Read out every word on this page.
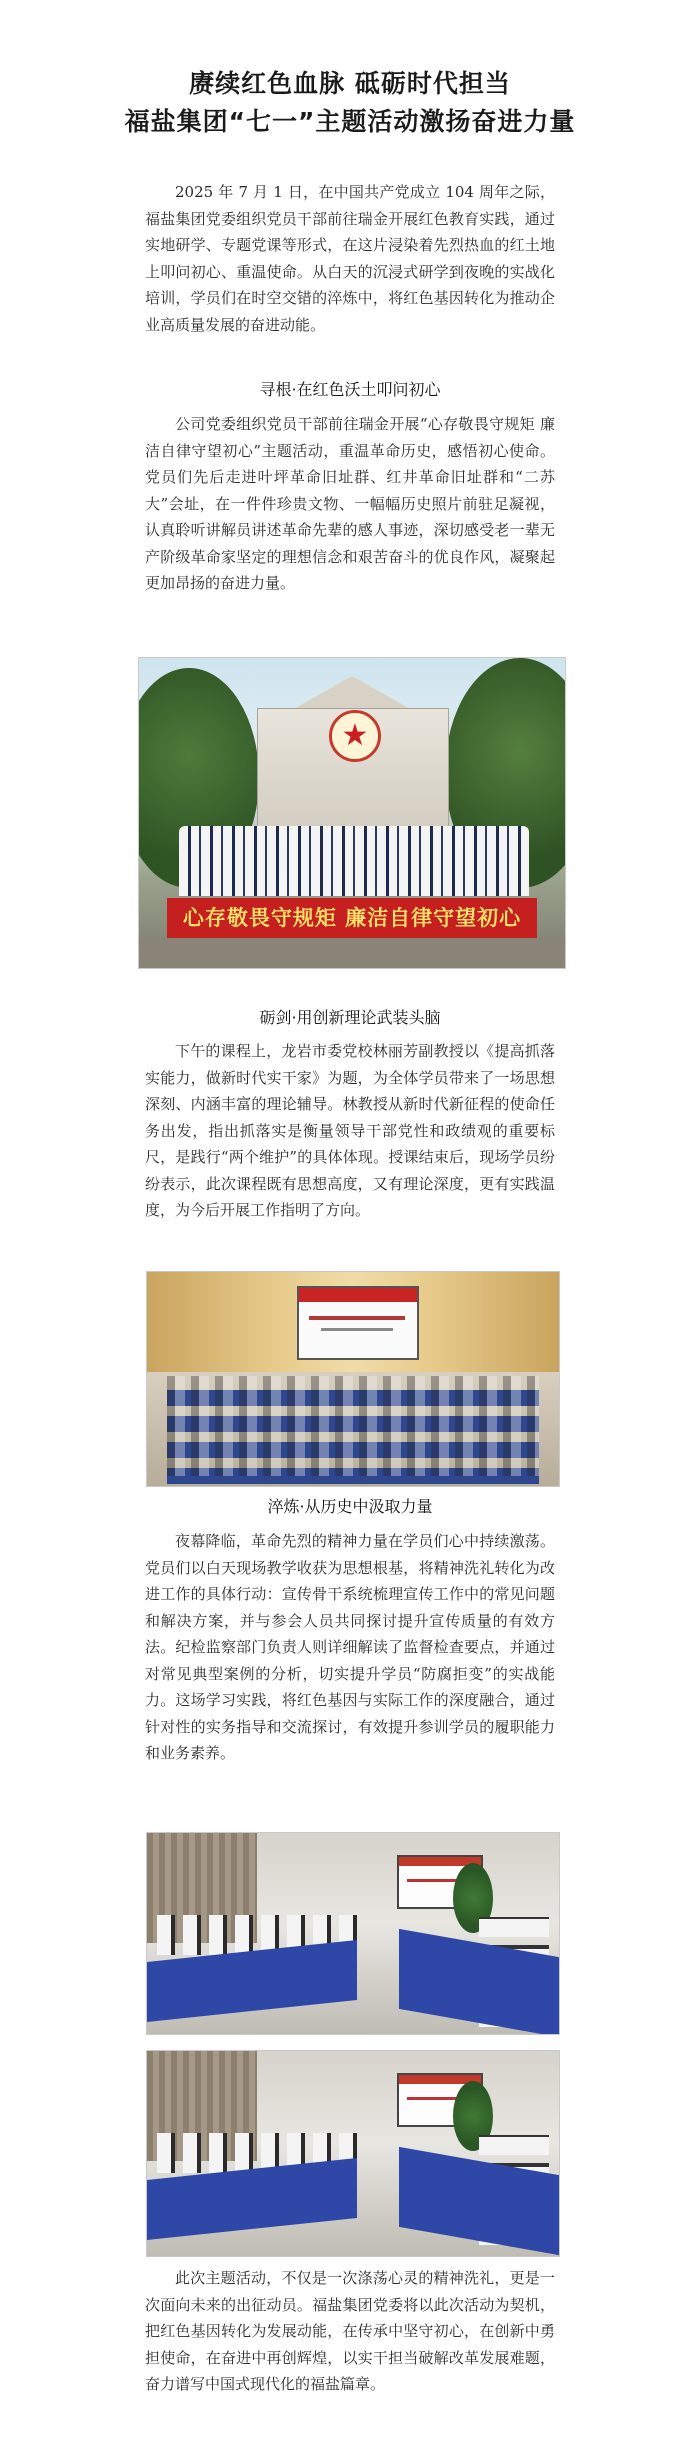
赓续红色血脉 砥砺时代担当
福盐集团“七一”主题活动激扬奋进力量

2025 年 7 月 1 日，在中国共产党成立 104 周年之际，福盐集团党委组织党员干部前往瑞金开展红色教育实践，通过实地研学、专题党课等形式，在这片浸染着先烈热血的红土地上叩问初心、重温使命。从白天的沉浸式研学到夜晚的实战化培训，学员们在时空交错的淬炼中，将红色基因转化为推动企业高质量发展的奋进动能。

寻根·在红色沃土叩问初心

公司党委组织党员干部前往瑞金开展“心存敬畏守规矩 廉洁自律守望初心”主题活动，重温革命历史，感悟初心使命。党员们先后走进叶坪革命旧址群、红井革命旧址群和“二苏大”会址，在一件件珍贵文物、一幅幅历史照片前驻足凝视，认真聆听讲解员讲述革命先辈的感人事迹，深切感受老一辈无产阶级革命家坚定的理想信念和艰苦奋斗的优良作风，凝聚起更加昂扬的奋进力量。

★
心存敬畏守规矩 廉洁自律守望初心
砺剑·用创新理论武装头脑

下午的课程上，龙岩市委党校林丽芳副教授以《提高抓落实能力，做新时代实干家》为题，为全体学员带来了一场思想深刻、内涵丰富的理论辅导。林教授从新时代新征程的使命任务出发，指出抓落实是衡量领导干部党性和政绩观的重要标尺，是践行“两个维护”的具体体现。授课结束后，现场学员纷纷表示，此次课程既有思想高度，又有理论深度，更有实践温度，为今后开展工作指明了方向。

淬炼·从历史中汲取力量

夜幕降临，革命先烈的精神力量在学员们心中持续激荡。党员们以白天现场教学收获为思想根基，将精神洗礼转化为改进工作的具体行动：宣传骨干系统梳理宣传工作中的常见问题和解决方案，并与参会人员共同探讨提升宣传质量的有效方法。纪检监察部门负责人则详细解读了监督检查要点，并通过对常见典型案例的分析，切实提升学员“防腐拒变”的实战能力。这场学习实践，将红色基因与实际工作的深度融合，通过针对性的实务指导和交流探讨，有效提升参训学员的履职能力和业务素养。

此次主题活动，不仅是一次涤荡心灵的精神洗礼，更是一次面向未来的出征动员。福盐集团党委将以此次活动为契机，把红色基因转化为发展动能，在传承中坚守初心，在创新中勇担使命，在奋进中再创辉煌，以实干担当破解改革发展难题，奋力谱写中国式现代化的福盐篇章。
